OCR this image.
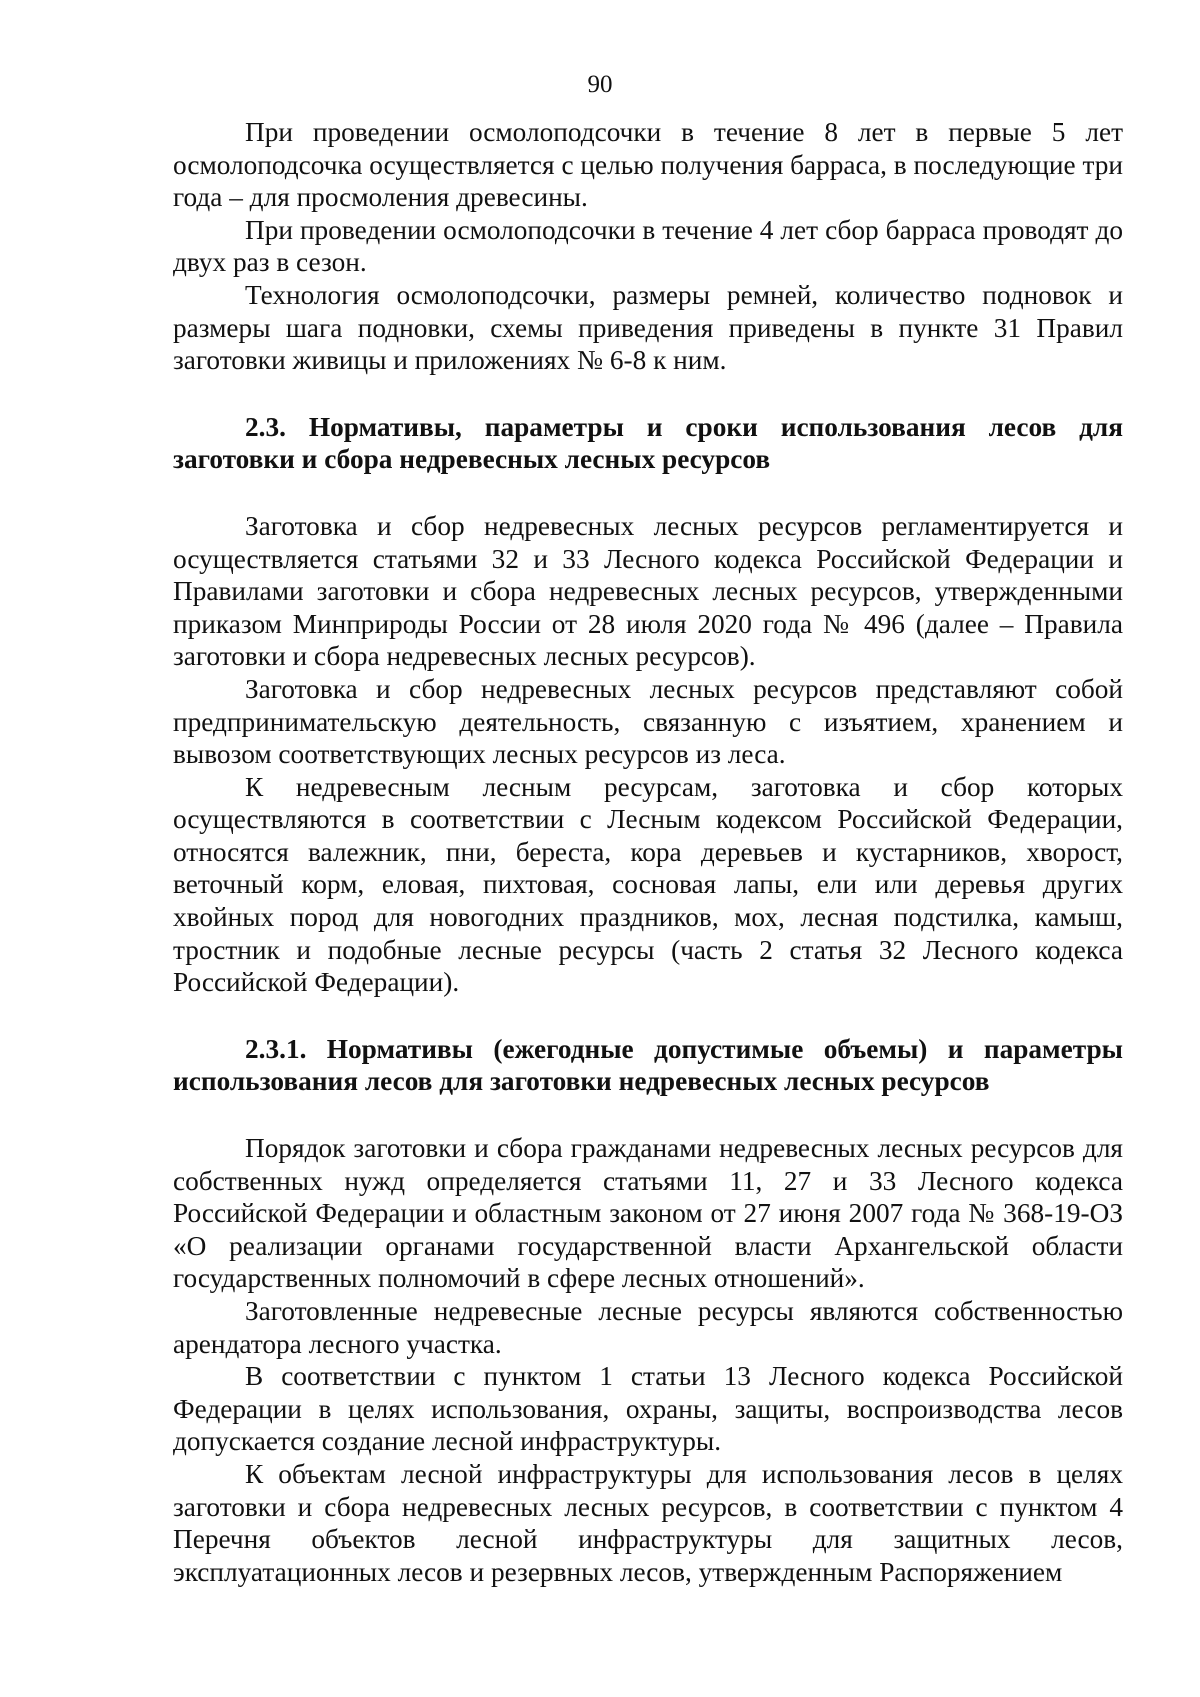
90

При проведении осмолоподсочки в течение 8 лет в первые 5 лет осмолоподсочка осуществляется с целью получения барраса, в последующие три года – для просмоления древесины.

При проведении осмолоподсочки в течение 4 лет сбор барраса проводят до двух раз в сезон.

Технология осмолоподсочки, размеры ремней, количество подновок и размеры шага подновки, схемы приведения приведены в пункте 31 Правил заготовки живицы и приложениях № 6-8 к ним.

2.3. Нормативы, параметры и сроки использования лесов для заготовки и сбора недревесных лесных ресурсов

Заготовка и сбор недревесных лесных ресурсов регламентируется и осуществляется статьями 32 и 33 Лесного кодекса Российской Федерации и Правилами заготовки и сбора недревесных лесных ресурсов, утвержденными приказом Минприроды России от 28 июля 2020 года № 496 (далее – Правила заготовки и сбора недревесных лесных ресурсов).

Заготовка и сбор недревесных лесных ресурсов представляют собой предпринимательскую деятельность, связанную с изъятием, хранением и вывозом соответствующих лесных ресурсов из леса.

К недревесным лесным ресурсам, заготовка и сбор которых осуществляются в соответствии с Лесным кодексом Российской Федерации, относятся валежник, пни, береста, кора деревьев и кустарников, хворост, веточный корм, еловая, пихтовая, сосновая лапы, ели или деревья других хвойных пород для новогодних праздников, мох, лесная подстилка, камыш, тростник и подобные лесные ресурсы (часть 2 статья 32 Лесного кодекса Российской Федерации).

2.3.1. Нормативы (ежегодные допустимые объемы) и параметры использования лесов для заготовки недревесных лесных ресурсов

Порядок заготовки и сбора гражданами недревесных лесных ресурсов для собственных нужд определяется статьями 11, 27 и 33 Лесного кодекса Российской Федерации и областным законом от 27 июня 2007 года № 368-19-ОЗ «О реализации органами государственной власти Архангельской области государственных полномочий в сфере лесных отношений».

Заготовленные недревесные лесные ресурсы являются собственностью арендатора лесного участка.

В соответствии с пунктом 1 статьи 13 Лесного кодекса Российской Федерации в целях использования, охраны, защиты, воспроизводства лесов допускается создание лесной инфраструктуры.

К объектам лесной инфраструктуры для использования лесов в целях заготовки и сбора недревесных лесных ресурсов, в соответствии с пунктом 4 Перечня объектов лесной инфраструктуры для защитных лесов, эксплуатационных лесов и резервных лесов, утвержденным Распоряжением
